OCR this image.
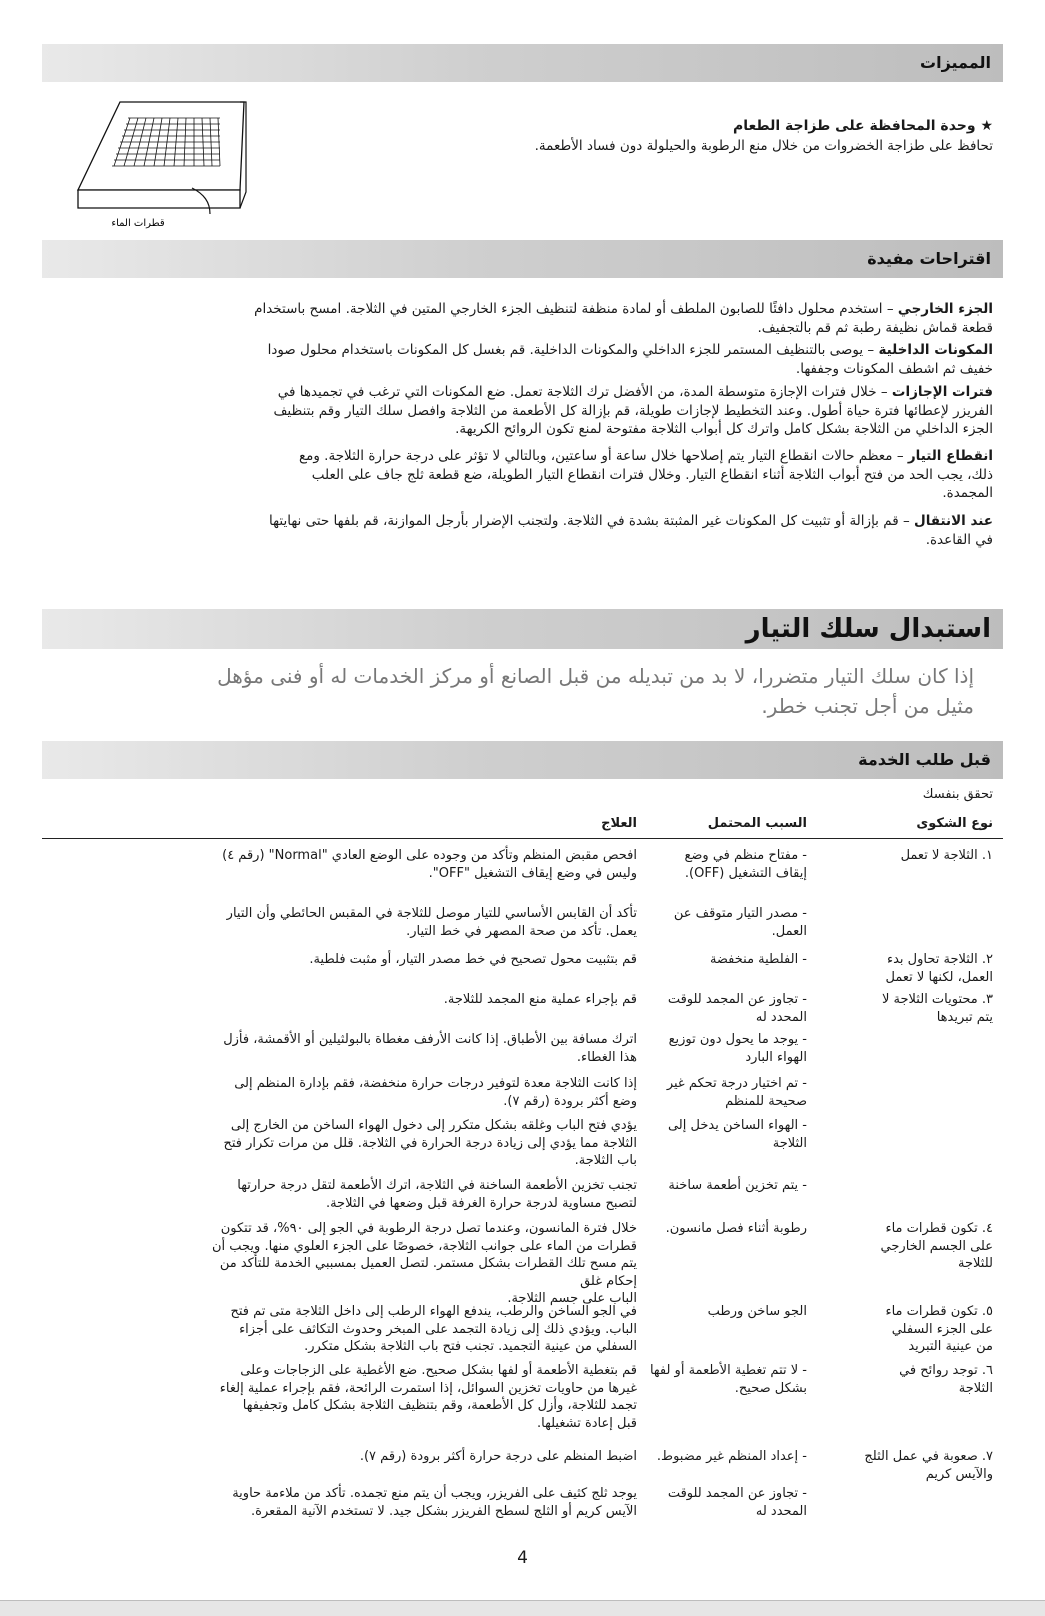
المميزات
★ وحدة المحافظة على طزاجة الطعام
تحافظ على طزاجة الخضروات من خلال منع الرطوبة والحيلولة دون فساد الأطعمة.
قطرات الماء
اقتراحات مفيدة
الجزء الخارجي – استخدم محلول دافئًا للصابون الملطف أو لمادة منظفة لتنظيف الجزء الخارجي المتين في الثلاجة. امسح باستخدام
قطعة قماش نظيفة رطبة ثم قم بالتجفيف.
المكونات الداخلية – يوصى بالتنظيف المستمر للجزء الداخلي والمكونات الداخلية. قم بغسل كل المكونات باستخدام محلول صودا
خفيف ثم اشطف المكونات وجففها.
فترات الإجازات – خلال فترات الإجازة متوسطة المدة، من الأفضل ترك الثلاجة تعمل. ضع المكونات التي ترغب في تجميدها في
الفريزر لإعطائها فترة حياة أطول. وعند التخطيط لإجازات طويلة، قم بإزالة كل الأطعمة من الثلاجة وافصل سلك التيار وقم بتنظيف
الجزء الداخلي من الثلاجة بشكل كامل واترك كل أبواب الثلاجة مفتوحة لمنع تكون الروائح الكريهة.
انقطاع التيار – معظم حالات انقطاع التيار يتم إصلاحها خلال ساعة أو ساعتين، وبالتالي لا تؤثر على درجة حرارة الثلاجة. ومع
ذلك، يجب الحد من فتح أبواب الثلاجة أثناء انقطاع التيار. وخلال فترات انقطاع التيار الطويلة، ضع قطعة ثلج جاف على العلب
المجمدة.
عند الانتقال – قم بإزالة أو تثبيت كل المكونات غير المثبتة بشدة في الثلاجة. ولتجنب الإضرار بأرجل الموازنة، قم بلفها حتى نهايتها
في القاعدة.
استبدال سلك التيار
إذا كان سلك التيار متضررا، لا بد من تبديله من قبل الصانع أو مركز الخدمات له أو فنى مؤهل مثيل من أجل تجنب خطر.
قبل طلب الخدمة
تحقق بنفسك
نوع الشكوى
السبب المحتمل
العلاج
١. الثلاجة لا تعمل
- مفتاح منظم في وضع
إيقاف التشغيل (OFF).
افحص مقبض المنظم وتأكد من وجوده على الوضع العادي "Normal" (رقم ٤)
وليس في وضع إيقاف التشغيل "OFF".
- مصدر التيار متوقف عن
العمل.
تأكد أن القابس الأساسي للتيار موصل للثلاجة في المقبس الحائطي وأن التيار
يعمل. تأكد من صحة المصهر في خط التيار.
٢. الثلاجة تحاول بدء
العمل، لكنها لا تعمل
- الفلطية منخفضة
قم بتثبيت محول تصحيح في خط مصدر التيار، أو مثبت فلطية.
٣. محتويات الثلاجة لا
يتم تبريدها
- تجاوز عن المجمد للوقت
المحدد له
قم بإجراء عملية منع المجمد للثلاجة.
- يوجد ما يحول دون توزيع
الهواء البارد
اترك مسافة بين الأطباق. إذا كانت الأرفف مغطاة بالبولثيلين أو الأقمشة، فأزل
هذا الغطاء.
- تم اختيار درجة تحكم غير
صحيحة للمنظم
إذا كانت الثلاجة معدة لتوفير درجات حرارة منخفضة، فقم بإدارة المنظم إلى
وضع أكثر برودة (رقم ٧).
- الهواء الساخن يدخل إلى
الثلاجة
يؤدي فتح الباب وغلقه بشكل متكرر إلى دخول الهواء الساخن من الخارج إلى
الثلاجة مما يؤدي إلى زيادة درجة الحرارة في الثلاجة. قلل من مرات تكرار فتح
باب الثلاجة.
- يتم تخزين أطعمة ساخنة
تجنب تخزين الأطعمة الساخنة في الثلاجة، اترك الأطعمة لتقل درجة حرارتها
لتصبح مساوية لدرجة حرارة الغرفة قبل وضعها في الثلاجة.
٤. تكون قطرات ماء
على الجسم الخارجي
للثلاجة
رطوبة أثناء فصل مانسون.
خلال فترة المانسون، وعندما تصل درجة الرطوبة في الجو إلى ٩٠%، قد تتكون
قطرات من الماء على جوانب الثلاجة، خصوصًا على الجزء العلوي منها. ويجب أن
يتم مسح تلك القطرات بشكل مستمر. لتصل العميل بمسببي الخدمة للتأكد من إحكام غلق
الباب على جسم الثلاجة.
٥. تكون قطرات ماء
على الجزء السفلي
من عينية التبريد
الجو ساخن ورطب
في الجو الساخن والرطب، يندفع الهواء الرطب إلى داخل الثلاجة متى تم فتح
الباب. ويؤدي ذلك إلى زيادة التجمد على المبخر وحدوث التكاثف على أجزاء
السفلي من عينية التجميد. تجنب فتح باب الثلاجة بشكل متكرر.
٦. توجد روائح في
الثلاجة
- لا تتم تغطية الأطعمة أو لفها
بشكل صحيح.
قم بتغطية الأطعمة أو لفها بشكل صحيح. ضع الأغطية على الزجاجات وعلى
غيرها من حاويات تخزين السوائل، إذا استمرت الرائحة، فقم بإجراء عملية إلغاء
تجمد للثلاجة، وأزل كل الأطعمة، وقم بتنظيف الثلاجة بشكل كامل وتجفيفها
قبل إعادة تشغيلها.
٧. صعوبة في عمل الثلج
والآيس كريم
- إعداد المنظم غير مضبوط.
اضبط المنظم على درجة حرارة أكثر برودة (رقم ٧).
- تجاوز عن المجمد للوقت
المحدد له
يوجد ثلج كثيف على الفريزر، ويجب أن يتم منع تجمده. تأكد من ملاءمة حاوية
الآيس كريم أو الثلج لسطح الفريزر بشكل جيد. لا تستخدم الآنية المقعرة.
4
